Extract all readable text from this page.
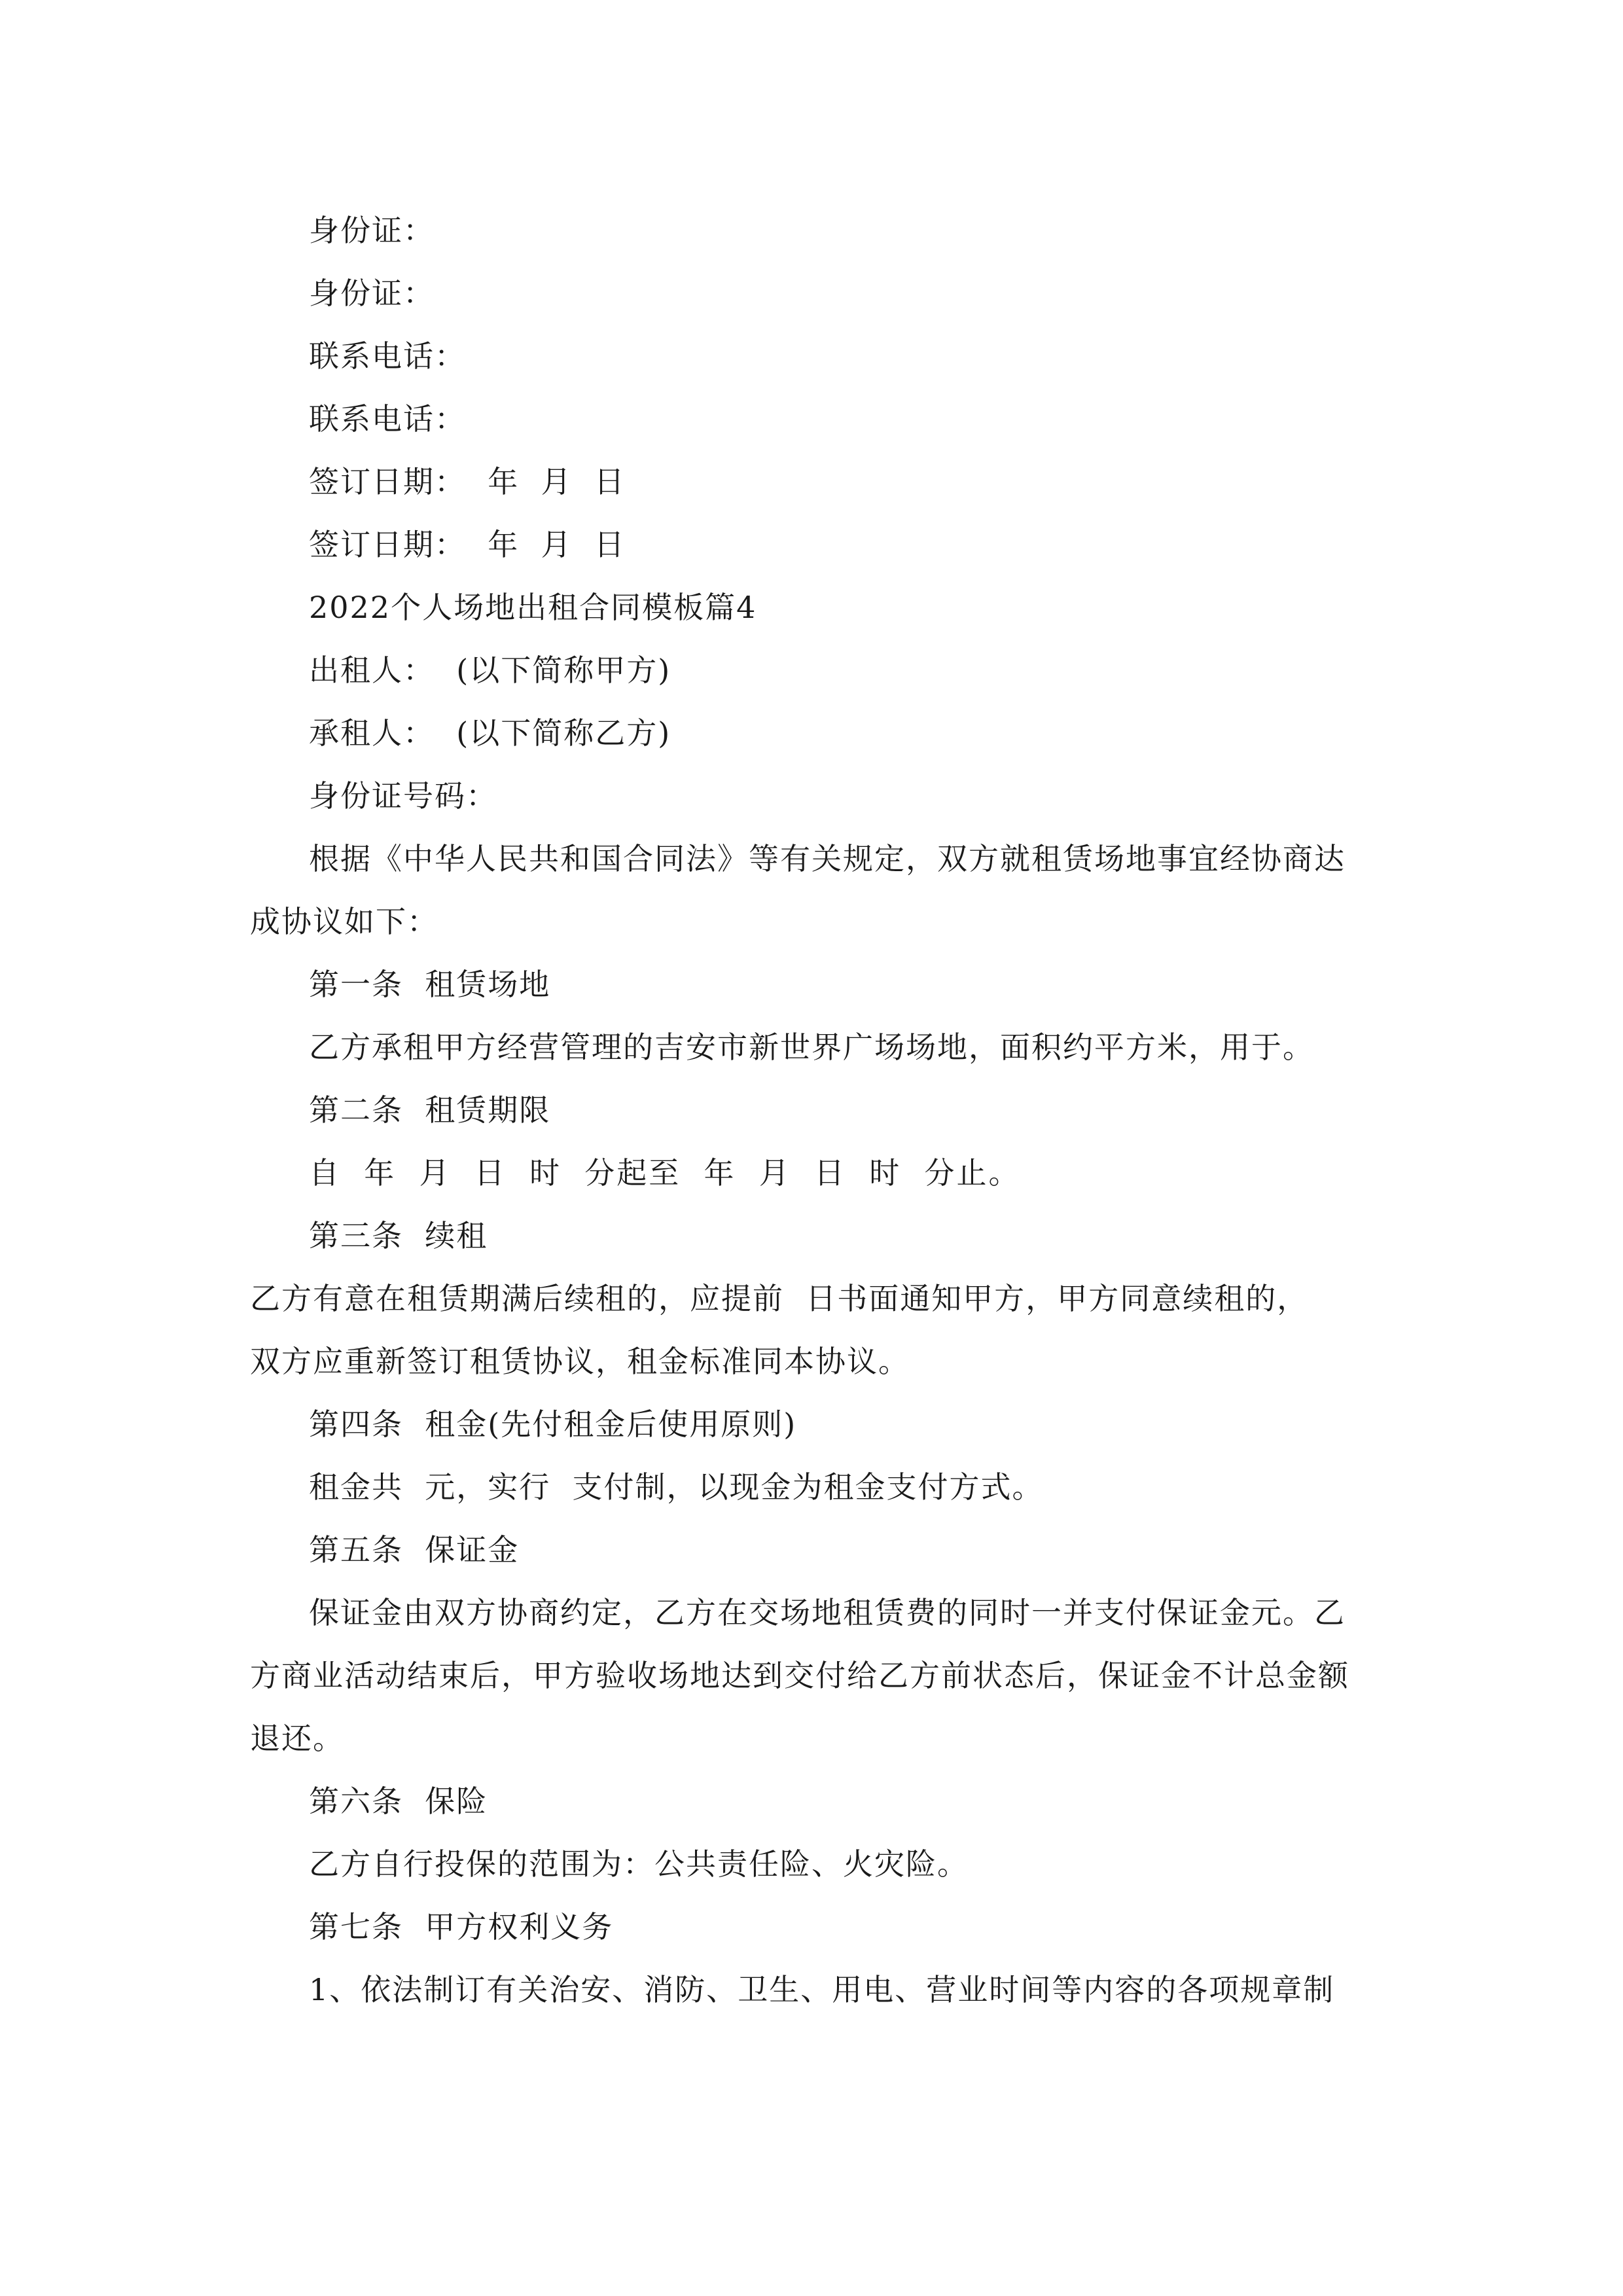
身份证：
身份证：
联系电话：
联系电话：
签订日期：  年  月  日
签订日期：  年  月  日
2022个人场地出租合同模板篇4
出租人：  (以下简称甲方)
承租人：  (以下简称乙方)
身份证号码：
根据《中华人民共和国合同法》等有关规定，双方就租赁场地事宜经协商达
成协议如下：
第一条  租赁场地
乙方承租甲方经营管理的吉安市新世界广场场地，面积约平方米，用于。
第二条  租赁期限
自  年  月  日  时  分起至  年  月  日  时  分止。
第三条  续租
乙方有意在租赁期满后续租的，应提前  日书面通知甲方，甲方同意续租的，
双方应重新签订租赁协议，租金标准同本协议。
第四条  租金(先付租金后使用原则)
租金共  元，实行  支付制，以现金为租金支付方式。
第五条  保证金
保证金由双方协商约定，乙方在交场地租赁费的同时一并支付保证金元。乙
方商业活动结束后，甲方验收场地达到交付给乙方前状态后，保证金不计总金额
退还。
第六条  保险
乙方自行投保的范围为：公共责任险、火灾险。
第七条  甲方权利义务
1、依法制订有关治安、消防、卫生、用电、营业时间等内容的各项规章制
